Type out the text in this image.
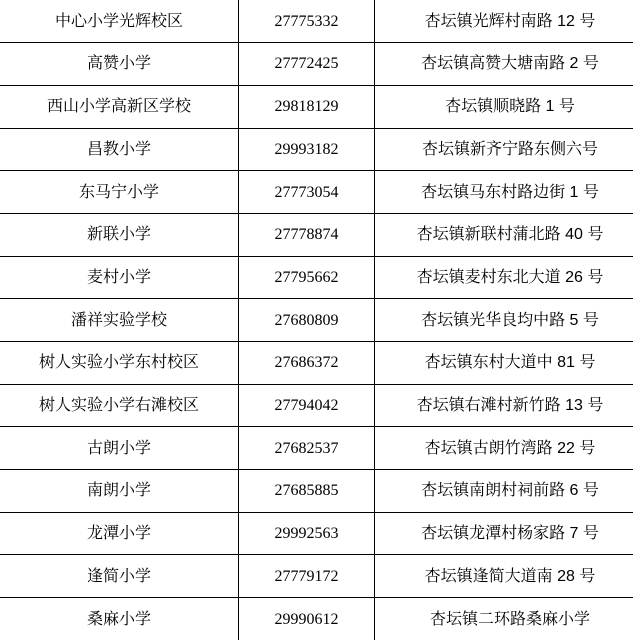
中心小学光辉校区	27775332	杏坛镇光辉村南路 12 号
高赞小学	27772425	杏坛镇高赞大塘南路 2 号
西山小学高新区学校	29818129	杏坛镇顺晓路 1 号
昌教小学	29993182	杏坛镇新齐宁路东侧六号
东马宁小学	27773054	杏坛镇马东村路边街 1 号
新联小学	27778874	杏坛镇新联村蒲北路 40 号
麦村小学	27795662	杏坛镇麦村东北大道 26 号
潘祥实验学校	27680809	杏坛镇光华良均中路 5 号
树人实验小学东村校区	27686372	杏坛镇东村大道中 81 号
树人实验小学右滩校区	27794042	杏坛镇右滩村新竹路 13 号
古朗小学	27682537	杏坛镇古朗竹湾路 22 号
南朗小学	27685885	杏坛镇南朗村祠前路 6 号
龙潭小学	29992563	杏坛镇龙潭村杨家路 7 号
逢简小学	27779172	杏坛镇逢简大道南 28 号
桑麻小学	29990612	杏坛镇二环路桑麻小学
